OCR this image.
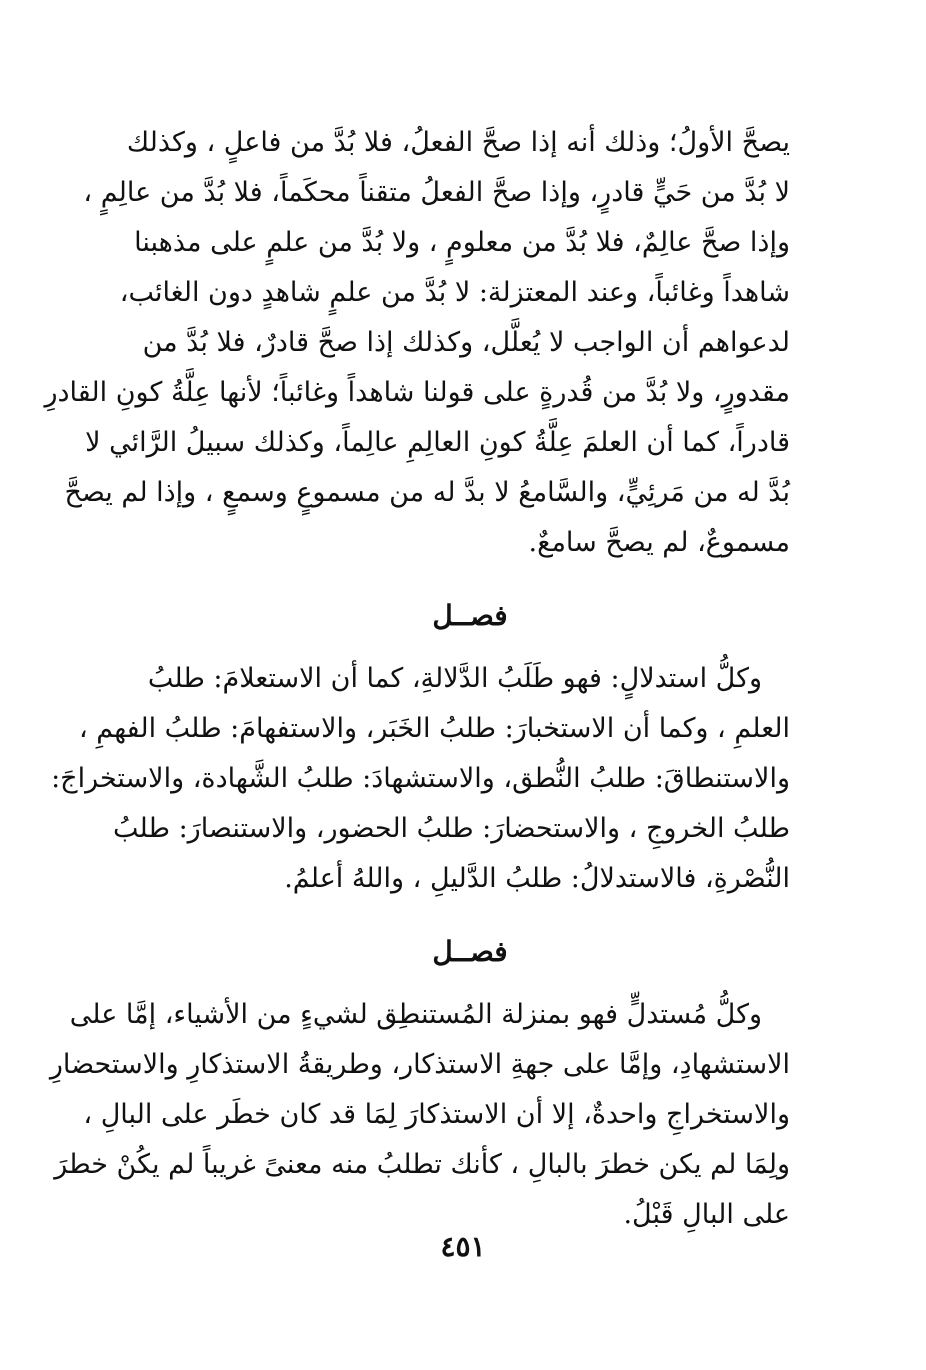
يصحَّ الأولُ؛ وذلك أنه إذا صحَّ الفعلُ، فلا بُدَّ من فاعلٍ ، وكذلك
لا بُدَّ من حَيٍّ قادرٍ، وإذا صحَّ الفعلُ متقناً محكَماً، فلا بُدَّ من عالِمٍ ،
وإذا صحَّ عالِمٌ، فلا بُدَّ من معلومٍ ، ولا بُدَّ من علمٍ على مذهبنا
شاهداً وغائباً، وعند المعتزلة: لا بُدَّ من علمٍ شاهدٍ دون الغائب،
لدعواهم أن الواجب لا يُعلَّل، وكذلك إذا صحَّ قادرٌ، فلا بُدَّ من
مقدورٍ، ولا بُدَّ من قُدرةٍ على قولنا شاهداً وغائباً؛ لأنها عِلَّةُ كونِ القادرِ
قادراً، كما أن العلمَ عِلَّةُ كونِ العالِمِ عالِماً، وكذلك سبيلُ الرَّائي لا
بُدَّ له من مَرئِيٍّ، والسَّامعُ لا بدَّ له من مسموعٍ وسمعٍ ، وإذا لم يصحَّ
مسموعٌ، لم يصحَّ سامعٌ.
فصــل
وكلُّ استدلالٍ: فهو طَلَبُ الدَّلالةِ، كما أن الاستعلامَ: طلبُ
العلمِ ، وكما أن الاستخبارَ: طلبُ الخَبَر، والاستفهامَ: طلبُ الفهمِ ،
والاستنطاقَ: طلبُ النُّطق، والاستشهادَ: طلبُ الشَّهادة، والاستخراجَ:
طلبُ الخروجِ ، والاستحضارَ: طلبُ الحضور، والاستنصارَ: طلبُ
النُّصْرةِ، فالاستدلالُ: طلبُ الدَّليلِ ، واللهُ أعلمُ.
فصــل
وكلُّ مُستدلٍّ فهو بمنزلة المُستنطِق لشيءٍ من الأشياء، إمَّا على
الاستشهادِ، وإمَّا على جهةِ الاستذكار، وطريقةُ الاستذكارِ والاستحضارِ
والاستخراجِ واحدةٌ، إلا أن الاستذكارَ لِمَا قد كان خطَر على البالِ ،
ولِمَا لم يكن خطرَ بالبالِ ، كأنك تطلبُ منه معنىً غريباً لم يكُنْ خطرَ
على البالِ قَبْلُ.
٤٥١
